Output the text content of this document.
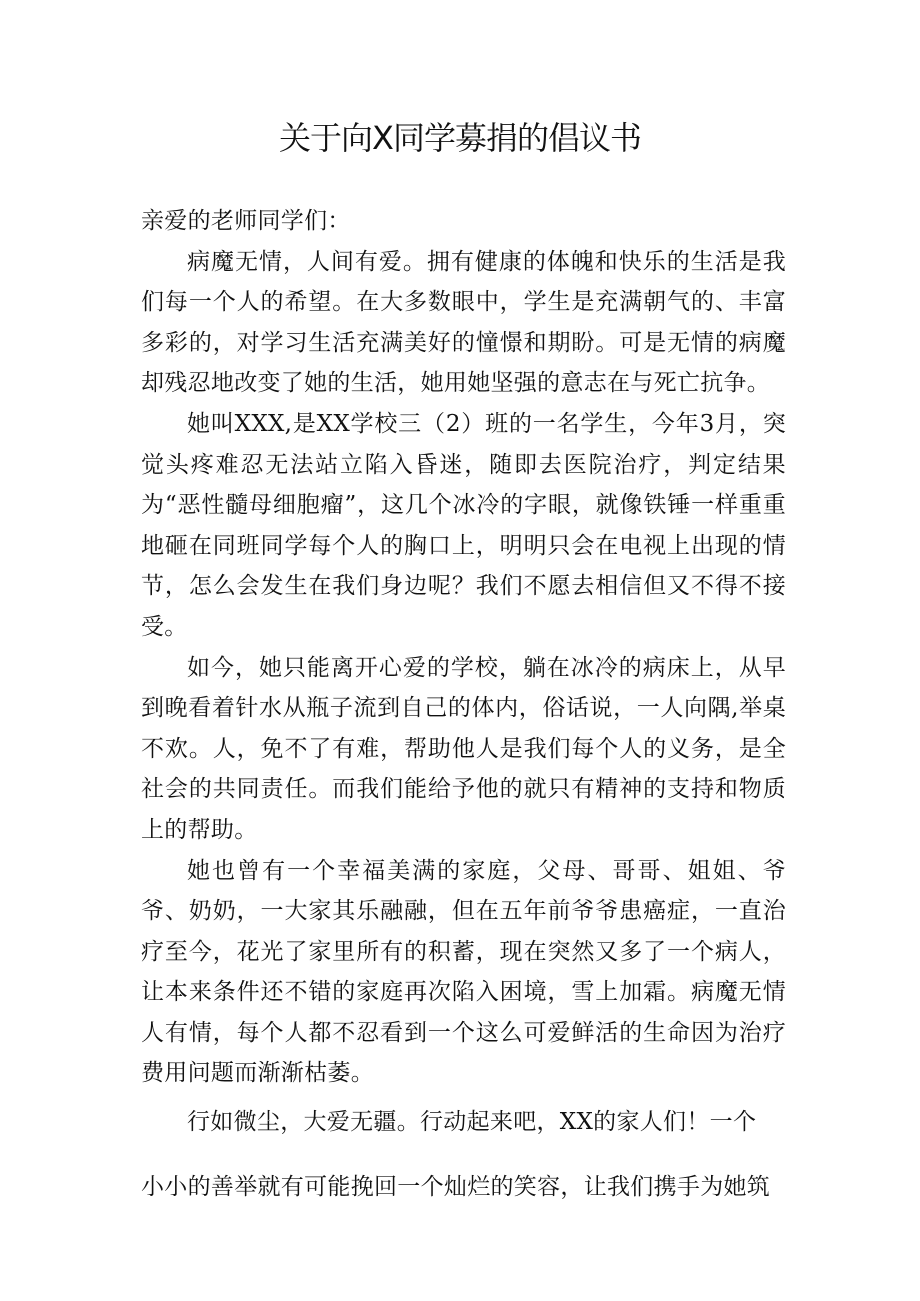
关于向X同学募捐的倡议书

亲爱的老师同学们：

病魔无情，人间有爱。拥有健康的体魄和快乐的生活是我们每一个人的希望。在大多数眼中，学生是充满朝气的、丰富多彩的，对学习生活充满美好的憧憬和期盼。可是无情的病魔却残忍地改变了她的生活，她用她坚强的意志在与死亡抗争。

她叫XXX,是XX学校三（2）班的一名学生，今年3月，突觉头疼难忍无法站立陷入昏迷，随即去医院治疗，判定结果为“恶性髓母细胞瘤”，这几个冰冷的字眼，就像铁锤一样重重地砸在同班同学每个人的胸口上，明明只会在电视上出现的情节，怎么会发生在我们身边呢？我们不愿去相信但又不得不接受。

如今，她只能离开心爱的学校，躺在冰冷的病床上，从早到晚看着针水从瓶子流到自己的体内，俗话说，一人向隅,举桌不欢。人，免不了有难，帮助他人是我们每个人的义务，是全社会的共同责任。而我们能给予他的就只有精神的支持和物质上的帮助。

她也曾有一个幸福美满的家庭，父母、哥哥、姐姐、爷爷、奶奶，一大家其乐融融，但在五年前爷爷患癌症，一直治疗至今，花光了家里所有的积蓄，现在突然又多了一个病人，让本来条件还不错的家庭再次陷入困境，雪上加霜。病魔无情人有情，每个人都不忍看到一个这么可爱鲜活的生命因为治疗费用问题而渐渐枯萎。

行如微尘，大爱无疆。行动起来吧，XX的家人们！一个

小小的善举就有可能挽回一个灿烂的笑容，让我们携手为她筑
